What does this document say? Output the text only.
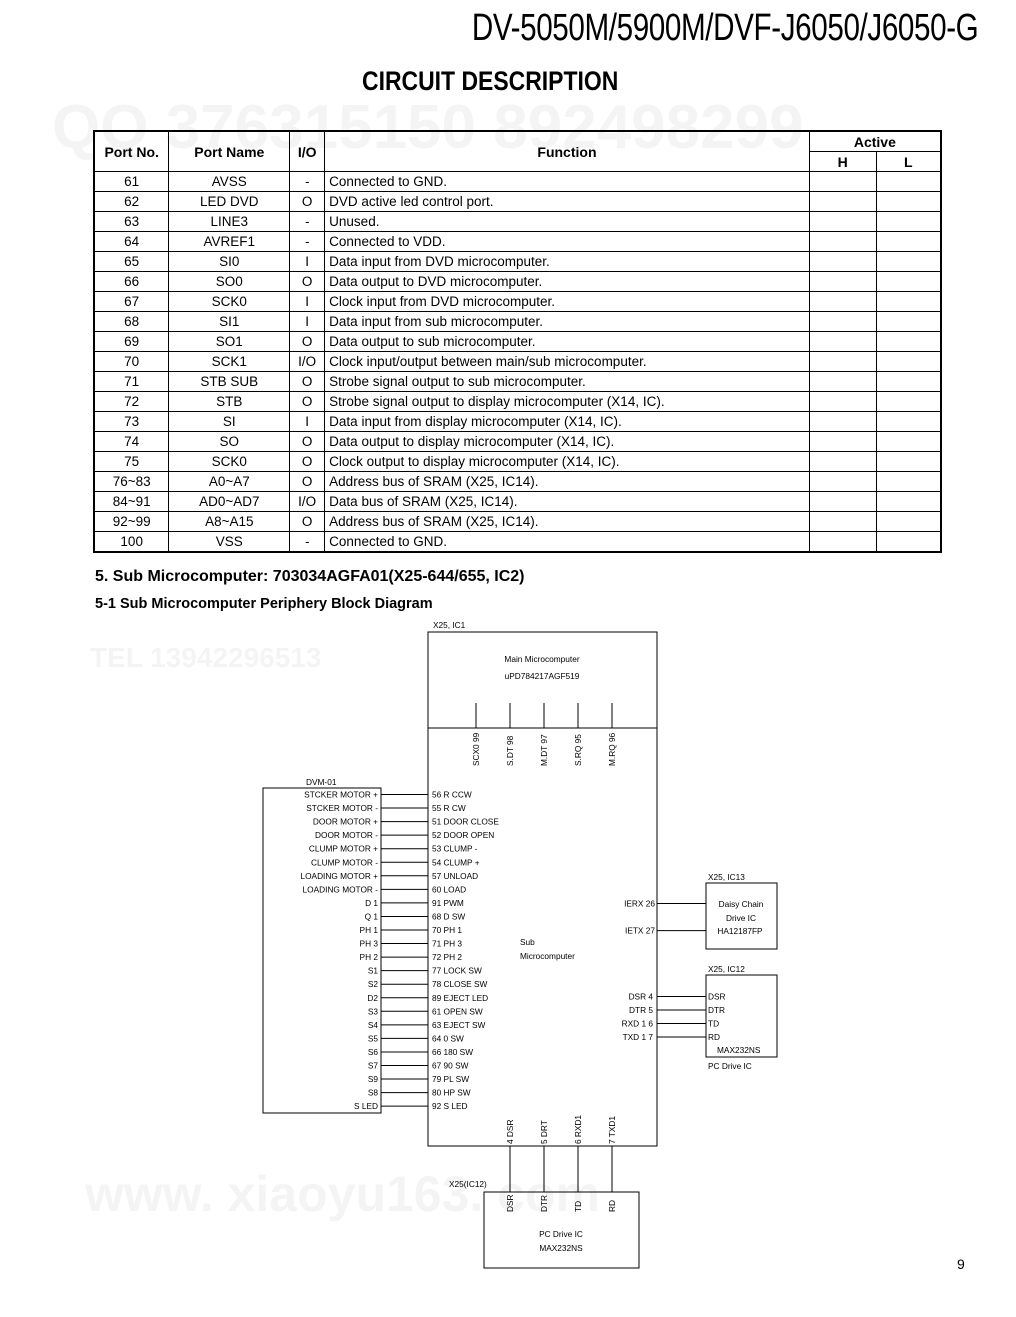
DV-5050M/5900M/DVF-J6050/J6050-G
CIRCUIT DESCRIPTION
Port No.	Port Name	I/O	Function	Active	
				H	L
61	AVSS	-	Connected to GND.		
62	LED DVD	O	DVD active led control port.		
63	LINE3	-	Unused.		
64	AVREF1	-	Connected to VDD.		
65	SI0	I	Data input from DVD microcomputer.		
66	SO0	O	Data output to DVD microcomputer.		
67	SCK0	I	Clock input from DVD microcomputer.		
68	SI1	I	Data input from sub microcomputer.		
69	SO1	O	Data output to sub microcomputer.		
70	SCK1	I/O	Clock input/output between main/sub microcomputer.		
71	STB SUB	O	Strobe signal output to sub microcomputer.		
72	STB	O	Strobe signal output to display microcomputer (X14, IC).		
73	SI	I	Data input from display microcomputer (X14, IC).		
74	SO	O	Data output to display microcomputer (X14, IC).		
75	SCK0	O	Clock output to display microcomputer (X14, IC).		
76~83	A0~A7	O	Address bus of SRAM (X25, IC14).		
84~91	AD0~AD7	I/O	Data bus of SRAM (X25, IC14).		
92~99	A8~A15	O	Address bus of SRAM (X25, IC14).		
100	VSS	-	Connected to GND.		
5. Sub Microcomputer: 703034AGFA01(X25-644/655, IC2)
5-1 Sub Microcomputer Periphery Block Diagram
X25, IC1
Main Microcomputer
uPD784217AGF519
SCX0 99	S.DT 98	M.DT 97	S.RQ 95	M.RQ 96
DVM-01
STCKER MOTOR +
STCKER MOTOR -
DOOR MOTOR +
DOOR MOTOR -
CLUMP MOTOR +
CLUMP MOTOR -
LOADING MOTOR +
LOADING MOTOR -
D 1
Q 1
PH 1
PH 3
PH 2
S1
S2
D2
S3
S4
S5
S6
S7
S9
S8
S LED
56 R CCW
55 R CW
51 DOOR CLOSE
52 DOOR OPEN
53 CLUMP -
54 CLUMP +
57 UNLOAD
60 LOAD
91 PWM
68 D SW
70 PH 1
71 PH 3
72 PH 2
77 LOCK SW
78 CLOSE SW
89 EJECT LED
61 OPEN SW
63 EJECT SW
64 0 SW
66 180 SW
67 90 SW
79 PL SW
80 HP SW
92 S LED
Sub
Microcomputer
IERX 26
IETX 27
X25, IC13
Daisy Chain
Drive IC
HA12187FP
DSR 4
DTR 5
RXD 1 6
TXD 1 7
X25, IC12
DSR
DTR
TD
RD
MAX232NS
PC Drive IC
4 DSR	5 DRT	6 RXD1	7 TXD1
X25(IC12)
DSR	DTR	TD	RD
PC Drive IC
MAX232NS
9
